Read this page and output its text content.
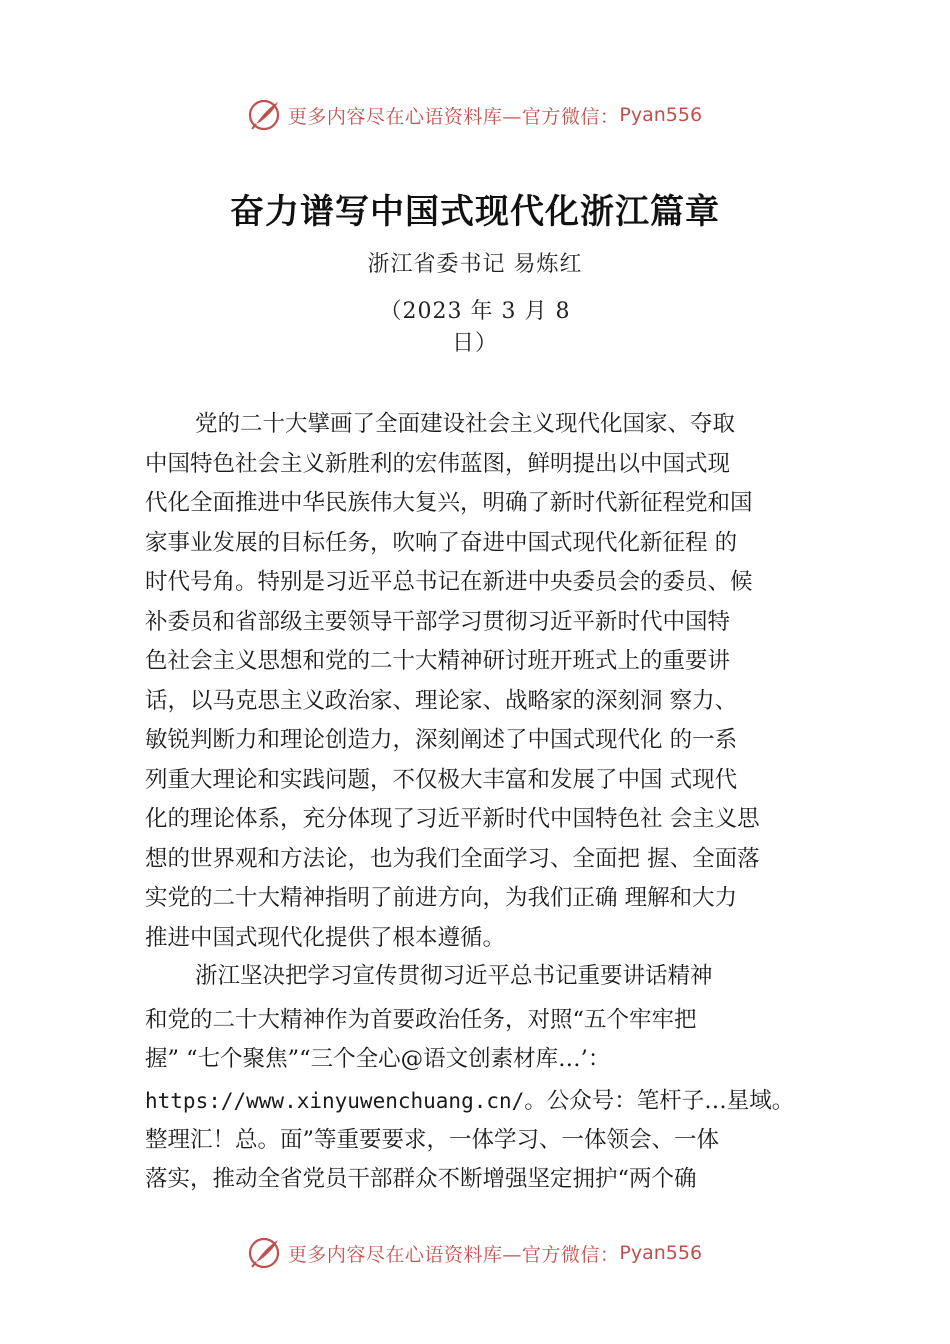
更多内容尽在心语资料库—官方微信： Pyan556
奋力谱写中国式现代化浙江篇章
浙江省委书记 易炼红
（2023 年 3 月 8
日）
党的二十大擘画了全面建设社会主义现代化国家、夺取
中国特色社会主义新胜利的宏伟蓝图，鲜明提出以中国式现
代化全面推进中华民族伟大复兴，明确了新时代新征程党和国
家事业发展的目标任务，吹响了奋进中国式现代化新征程 的
时代号角。特别是习近平总书记在新进中央委员会的委员、候
补委员和省部级主要领导干部学习贯彻习近平新时代中国特
色社会主义思想和党的二十大精神研讨班开班式上的重要讲
话，以马克思主义政治家、理论家、战略家的深刻洞 察力、
敏锐判断力和理论创造力，深刻阐述了中国式现代化 的一系
列重大理论和实践问题，不仅极大丰富和发展了中国 式现代
化的理论体系，充分体现了习近平新时代中国特色社 会主义思
想的世界观和方法论，也为我们全面学习、全面把 握、全面落
实党的二十大精神指明了前进方向，为我们正确 理解和大力
推进中国式现代化提供了根本遵循。
浙江坚决把学习宣传贯彻习近平总书记重要讲话精神
和党的二十大精神作为首要政治任务，对照“五个牢牢把
握” “七个聚焦”“三个全心@语文创素材库…’：
https://www.xinyuwenchuang.cn/。公众号：笔杆子…星域。
整理汇！总。面”等重要要求，一体学习、一体领会、一体
落实，推动全省党员干部群众不断增强坚定拥护“两个确
更多内容尽在心语资料库—官方微信： Pyan556
